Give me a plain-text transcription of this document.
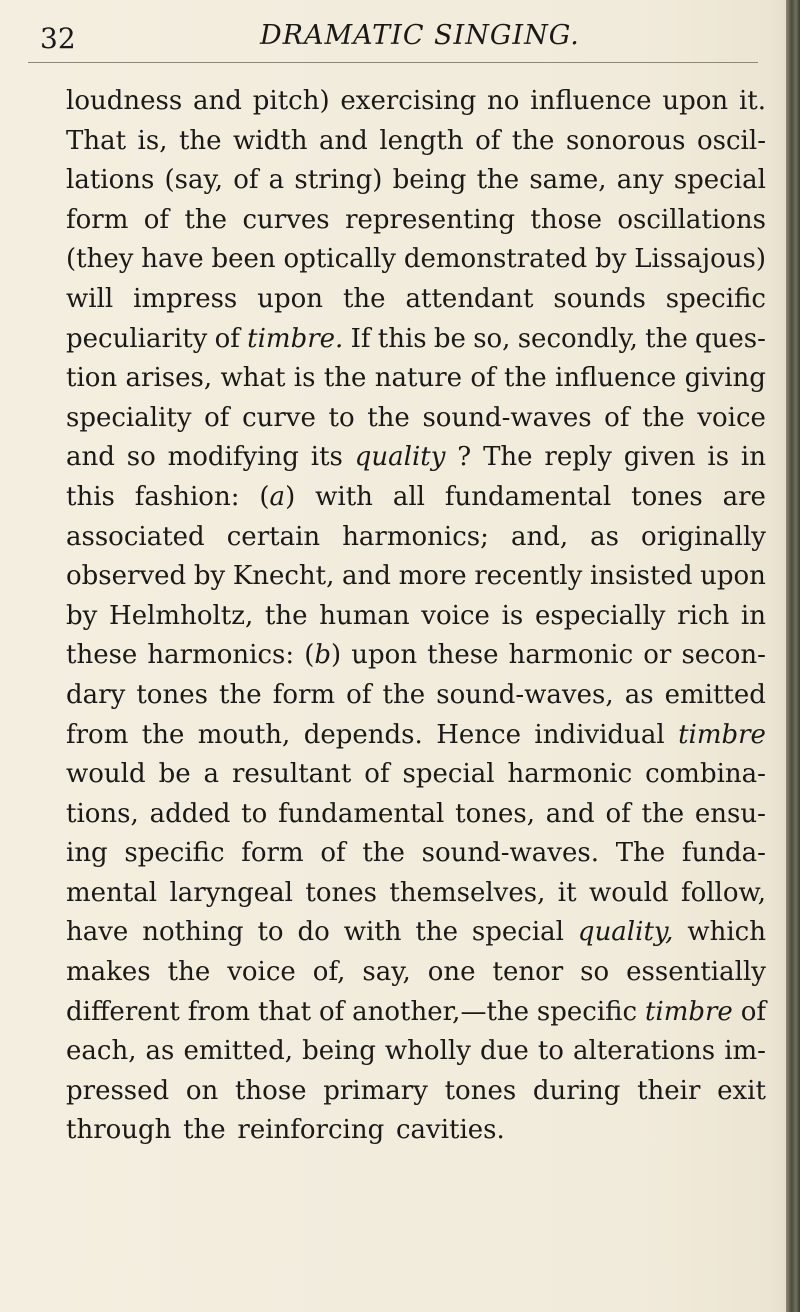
32	DRAMATIC SINGING.
loudness and pitch) exercising no influence upon it.
That is, the width and length of the sonorous oscil-
lations (say, of a string) being the same, any special
form of the curves representing those oscillations
(they have been optically demonstrated by Lissajous)
will impress upon the attendant sounds specific
peculiarity of timbre. If this be so, secondly, the ques-
tion arises, what is the nature of the influence giving
speciality of curve to the sound-waves of the voice
and so modifying its quality ? The reply given is in
this fashion: (a) with all fundamental tones are
associated certain harmonics; and, as originally
observed by Knecht, and more recently insisted upon
by Helmholtz, the human voice is especially rich in
these harmonics: (b) upon these harmonic or secon-
dary tones the form of the sound-waves, as emitted
from the mouth, depends. Hence individual timbre
would be a resultant of special harmonic combina-
tions, added to fundamental tones, and of the ensu-
ing specific form of the sound-waves. The funda-
mental laryngeal tones themselves, it would follow,
have nothing to do with the special quality, which
makes the voice of, say, one tenor so essentially
different from that of another,—the specific timbre of
each, as emitted, being wholly due to alterations im-
pressed on those primary tones during their exit
through the reinforcing cavities.
